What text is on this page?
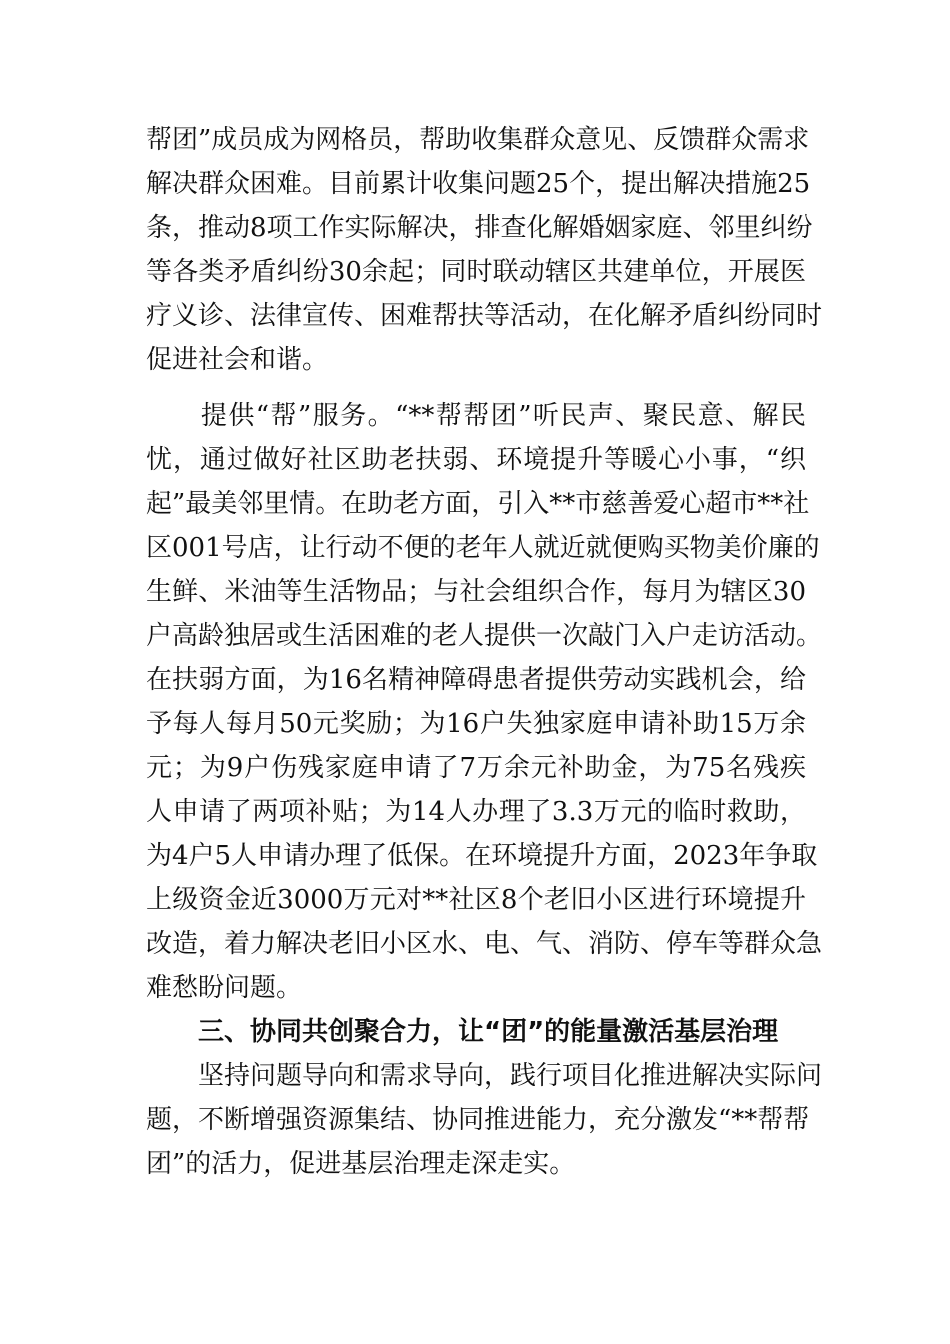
帮团”成员成为网格员，帮助收集群众意见、反馈群众需求
解决群众困难。目前累计收集问题25个，提出解决措施25
条，推动8项工作实际解决，排查化解婚姻家庭、邻里纠纷
等各类矛盾纠纷30余起；同时联动辖区共建单位，开展医
疗义诊、法律宣传、困难帮扶等活动，在化解矛盾纠纷同时
促进社会和谐。
　　提供“帮”服务。“**帮帮团”听民声、聚民意、解民
忧，通过做好社区助老扶弱、环境提升等暖心小事，“织
起”最美邻里情。在助老方面，引入**市慈善爱心超市**社
区001号店，让行动不便的老年人就近就便购买物美价廉的
生鲜、米油等生活物品；与社会组织合作，每月为辖区30
户高龄独居或生活困难的老人提供一次敲门入户走访活动。
在扶弱方面，为16名精神障碍患者提供劳动实践机会，给
予每人每月50元奖励；为16户失独家庭申请补助15万余
元；为9户伤残家庭申请了7万余元补助金，为75名残疾
人申请了两项补贴；为14人办理了3.3万元的临时救助，
为4户5人申请办理了低保。在环境提升方面，2023年争取
上级资金近3000万元对**社区8个老旧小区进行环境提升
改造，着力解决老旧小区水、电、气、消防、停车等群众急
难愁盼问题。
三、协同共创聚合力，让“团”的能量激活基层治理
　　坚持问题导向和需求导向，践行项目化推进解决实际问
题，不断增强资源集结、协同推进能力，充分激发“**帮帮
团”的活力，促进基层治理走深走实。
